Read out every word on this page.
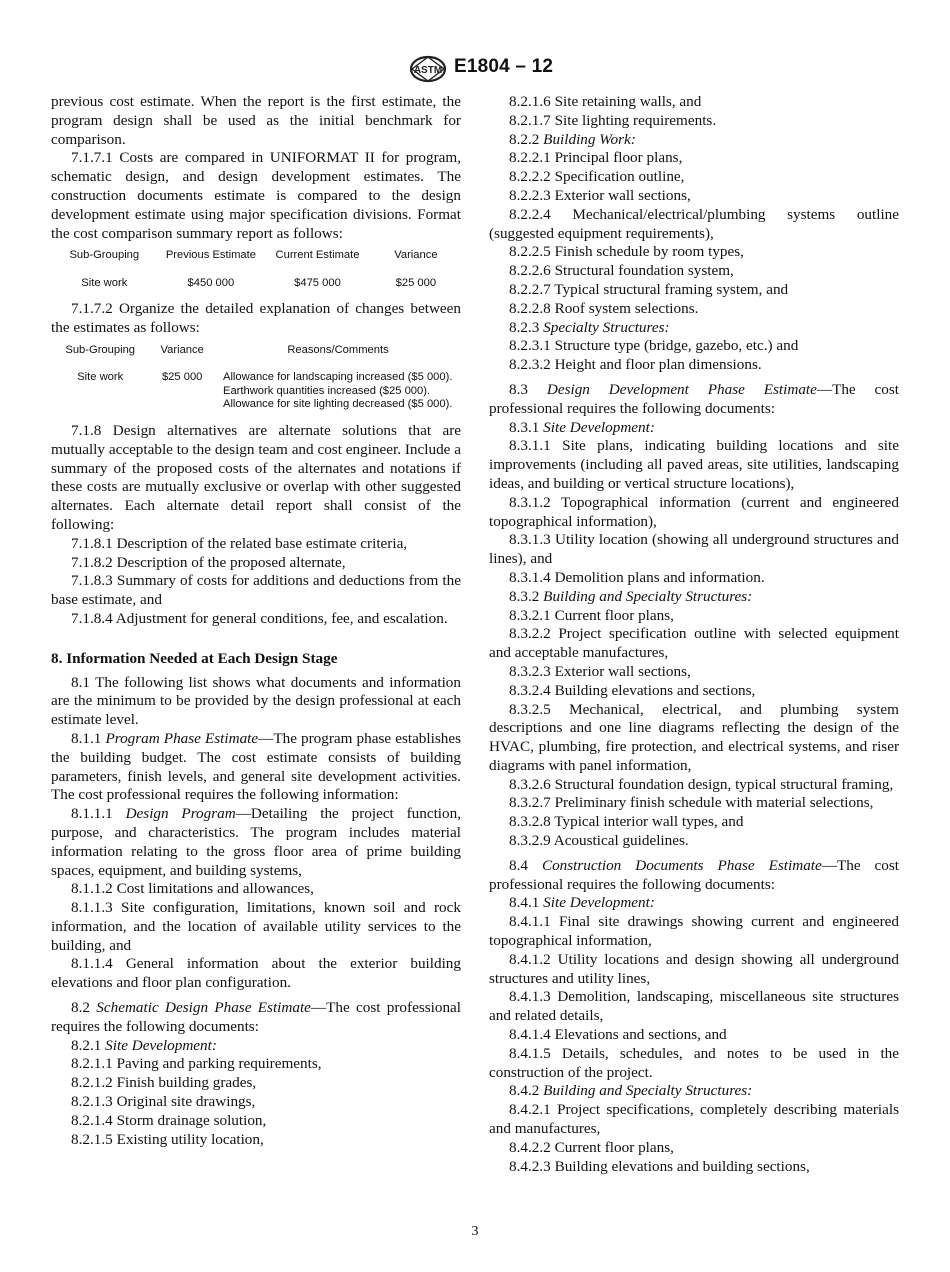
ASTM E1804 – 12

previous cost estimate. When the report is the first estimate, the program design shall be used as the initial benchmark for comparison.

7.1.7.1 Costs are compared in UNIFORMAT II for program, schematic design, and design development estimates. The construction documents estimate is compared to the design development estimate using major specification divisions. Format the cost comparison summary report as follows:

Sub-Grouping	Previous Estimate	Current Estimate	Variance
Site work	$450 000	$475 000	$25 000

7.1.7.2 Organize the detailed explanation of changes between the estimates as follows:

Sub-Grouping	Variance	Reasons/Comments
Site work	$25 000	Allowance for landscaping increased ($5 000). Earthwork quantities increased ($25 000). Allowance for site lighting decreased ($5 000).

7.1.8 Design alternatives are alternate solutions that are mutually acceptable to the design team and cost engineer. Include a summary of the proposed costs of the alternates and notations if these costs are mutually exclusive or overlap with other suggested alternates. Each alternate detail report shall consist of the following:

7.1.8.1 Description of the related base estimate criteria,

7.1.8.2 Description of the proposed alternate,

7.1.8.3 Summary of costs for additions and deductions from the base estimate, and

7.1.8.4 Adjustment for general conditions, fee, and escalation.

8. Information Needed at Each Design Stage

8.1 The following list shows what documents and information are the minimum to be provided by the design professional at each estimate level.

8.1.1 Program Phase Estimate—The program phase establishes the building budget. The cost estimate consists of building parameters, finish levels, and general site development activities. The cost professional requires the following information:

8.1.1.1 Design Program—Detailing the project function, purpose, and characteristics. The program includes material information relating to the gross floor area of prime building spaces, equipment, and building systems,

8.1.1.2 Cost limitations and allowances,

8.1.1.3 Site configuration, limitations, known soil and rock information, and the location of available utility services to the building, and

8.1.1.4 General information about the exterior building elevations and floor plan configuration.

8.2 Schematic Design Phase Estimate—The cost professional requires the following documents:

8.2.1 Site Development:

8.2.1.1 Paving and parking requirements,

8.2.1.2 Finish building grades,

8.2.1.3 Original site drawings,

8.2.1.4 Storm drainage solution,

8.2.1.5 Existing utility location,

8.2.1.6 Site retaining walls, and

8.2.1.7 Site lighting requirements.

8.2.2 Building Work:

8.2.2.1 Principal floor plans,

8.2.2.2 Specification outline,

8.2.2.3 Exterior wall sections,

8.2.2.4 Mechanical/electrical/plumbing systems outline (suggested equipment requirements),

8.2.2.5 Finish schedule by room types,

8.2.2.6 Structural foundation system,

8.2.2.7 Typical structural framing system, and

8.2.2.8 Roof system selections.

8.2.3 Specialty Structures:

8.2.3.1 Structure type (bridge, gazebo, etc.) and

8.2.3.2 Height and floor plan dimensions.

8.3 Design Development Phase Estimate—The cost professional requires the following documents:

8.3.1 Site Development:

8.3.1.1 Site plans, indicating building locations and site improvements (including all paved areas, site utilities, landscaping ideas, and building or vertical structure locations),

8.3.1.2 Topographical information (current and engineered topographical information),

8.3.1.3 Utility location (showing all underground structures and lines), and

8.3.1.4 Demolition plans and information.

8.3.2 Building and Specialty Structures:

8.3.2.1 Current floor plans,

8.3.2.2 Project specification outline with selected equipment and acceptable manufactures,

8.3.2.3 Exterior wall sections,

8.3.2.4 Building elevations and sections,

8.3.2.5 Mechanical, electrical, and plumbing system descriptions and one line diagrams reflecting the design of the HVAC, plumbing, fire protection, and electrical systems, and riser diagrams with panel information,

8.3.2.6 Structural foundation design, typical structural framing,

8.3.2.7 Preliminary finish schedule with material selections,

8.3.2.8 Typical interior wall types, and

8.3.2.9 Acoustical guidelines.

8.4 Construction Documents Phase Estimate—The cost professional requires the following documents:

8.4.1 Site Development:

8.4.1.1 Final site drawings showing current and engineered topographical information,

8.4.1.2 Utility locations and design showing all underground structures and utility lines,

8.4.1.3 Demolition, landscaping, miscellaneous site structures and related details,

8.4.1.4 Elevations and sections, and

8.4.1.5 Details, schedules, and notes to be used in the construction of the project.

8.4.2 Building and Specialty Structures:

8.4.2.1 Project specifications, completely describing materials and manufactures,

8.4.2.2 Current floor plans,

8.4.2.3 Building elevations and building sections,

3
